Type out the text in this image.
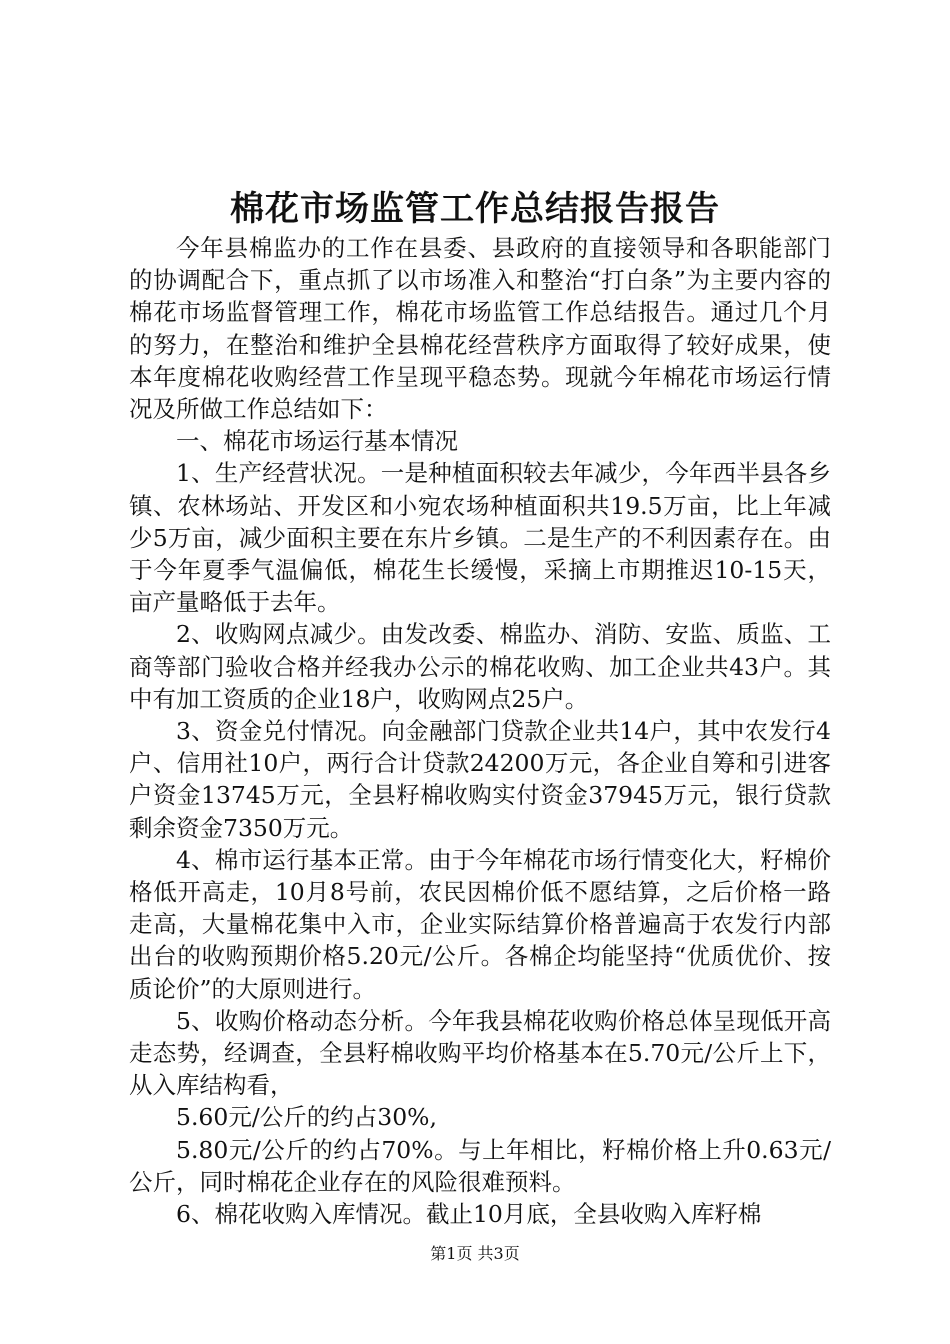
棉花市场监管工作总结报告报告

今年县棉监办的工作在县委、县政府的直接领导和各职能部门的协调配合下，重点抓了以市场准入和整治“打白条”为主要内容的棉花市场监督管理工作，棉花市场监管工作总结报告。通过几个月的努力，在整治和维护全县棉花经营秩序方面取得了较好成果，使本年度棉花收购经营工作呈现平稳态势。现就今年棉花市场运行情况及所做工作总结如下：

一、棉花市场运行基本情况

1、生产经营状况。一是种植面积较去年减少，今年西半县各乡镇、农林场站、开发区和小宛农场种植面积共19.5万亩，比上年减少5万亩，减少面积主要在东片乡镇。二是生产的不利因素存在。由于今年夏季气温偏低，棉花生长缓慢，采摘上市期推迟10-15天，亩产量略低于去年。

2、收购网点减少。由发改委、棉监办、消防、安监、质监、工商等部门验收合格并经我办公示的棉花收购、加工企业共43户。其中有加工资质的企业18户，收购网点25户。

3、资金兑付情况。向金融部门贷款企业共14户，其中农发行4户、信用社10户，两行合计贷款24200万元，各企业自筹和引进客户资金13745万元，全县籽棉收购实付资金37945万元，银行贷款剩余资金7350万元。

4、棉市运行基本正常。由于今年棉花市场行情变化大，籽棉价格低开高走，10月8号前，农民因棉价低不愿结算，之后价格一路走高，大量棉花集中入市，企业实际结算价格普遍高于农发行内部出台的收购预期价格5.20元/公斤。各棉企均能坚持“优质优价、按质论价”的大原则进行。

5、收购价格动态分析。今年我县棉花收购价格总体呈现低开高走态势，经调查，全县籽棉收购平均价格基本在5.70元/公斤上下，从入库结构看，

5.60元/公斤的约占30%,

5.80元/公斤的约占70%。与上年相比，籽棉价格上升0.63元/公斤，同时棉花企业存在的风险很难预料。

6、棉花收购入库情况。截止10月底，全县收购入库籽棉

第1页 共3页
